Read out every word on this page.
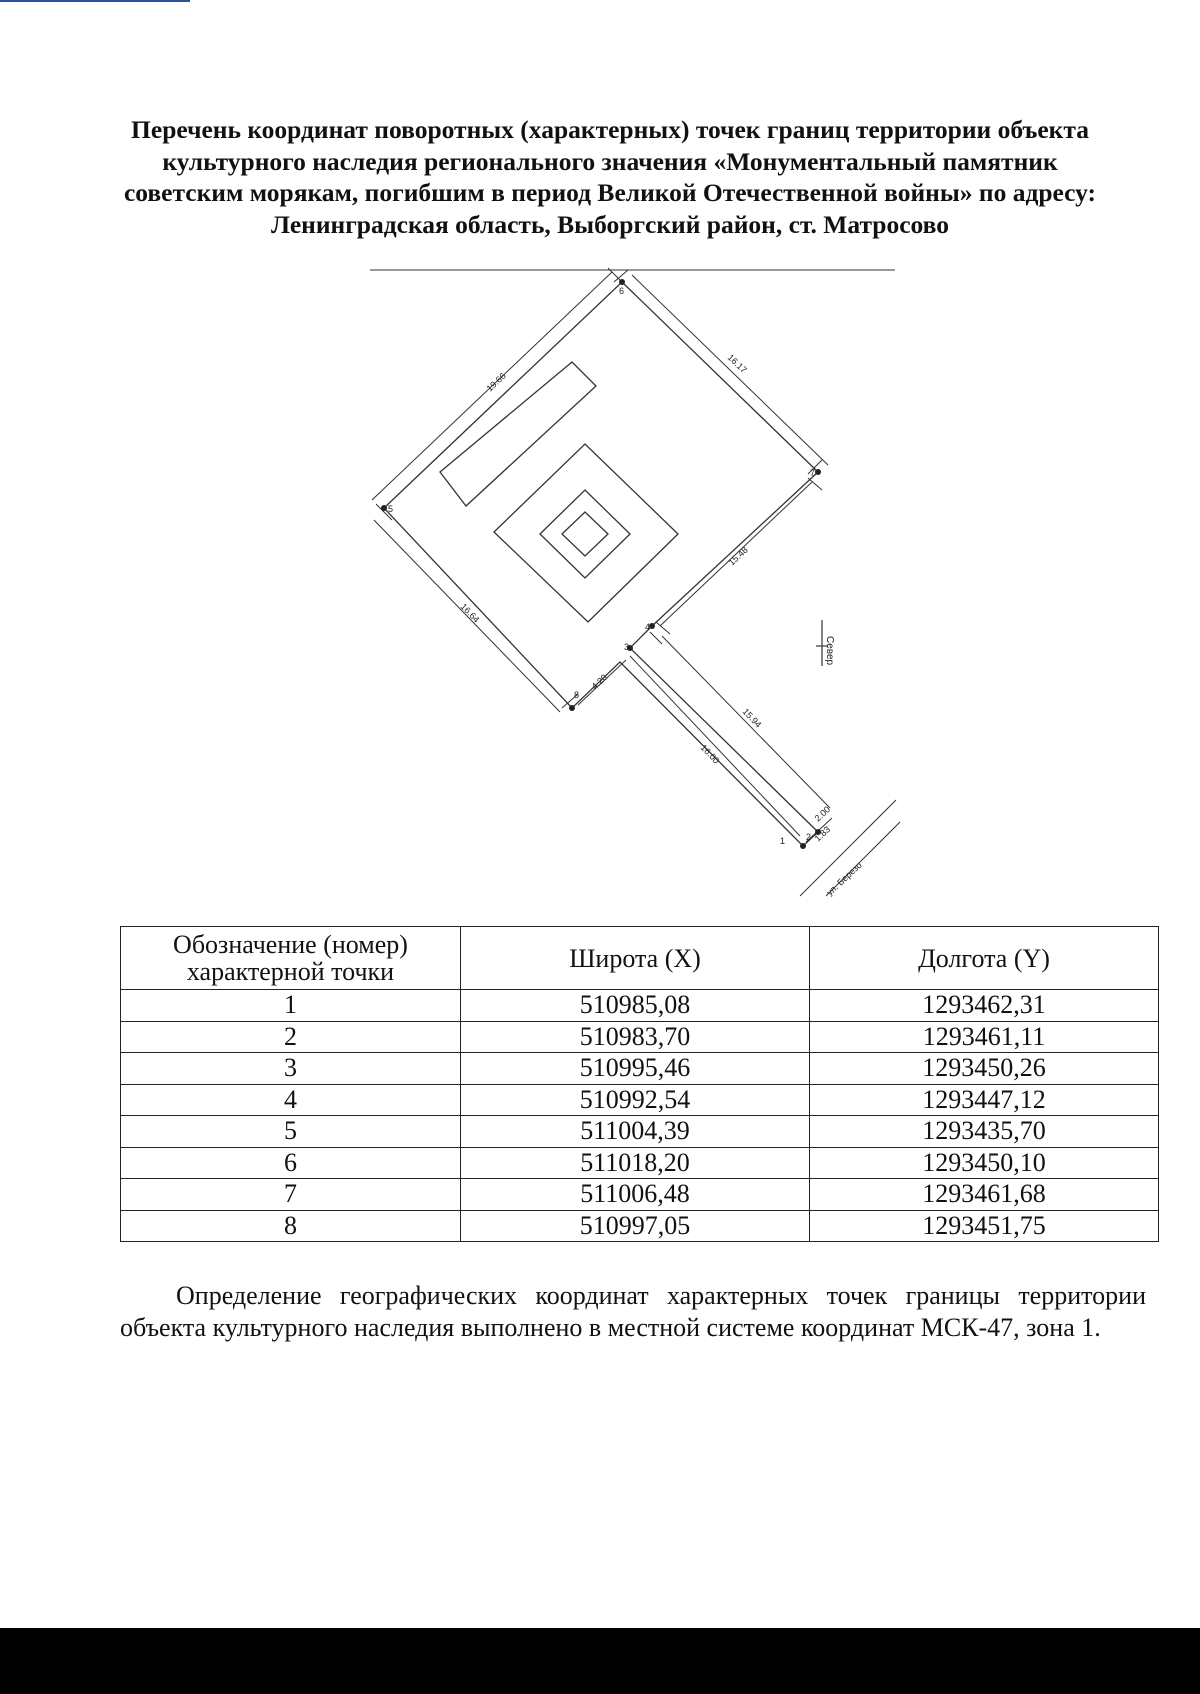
Перечень координат поворотных (характерных) точек границ территории объекта культурного наследия регионального значения «Монументальный памятник советским морякам, погибшим в период Великой Отечественной войны» по адресу: Ленинградская область, Выборгский район, ст. Матросово
1 2
3
4
5
6
7
8
19.66
16.17
15.48
16.64
4.20
15.94
16.00
2.00
1.83
Север
ул. Березо
Обозначение (номер) характерной точки	Широта (X)	Долгота (Y)
1	510985,08	1293462,31
2	510983,70	1293461,11
3	510995,46	1293450,26
4	510992,54	1293447,12
5	511004,39	1293435,70
6	511018,20	1293450,10
7	511006,48	1293461,68
8	510997,05	1293451,75
Определение географических координат характерных точек границы территории объекта культурного наследия выполнено в местной системе координат МСК-47, зона 1.
